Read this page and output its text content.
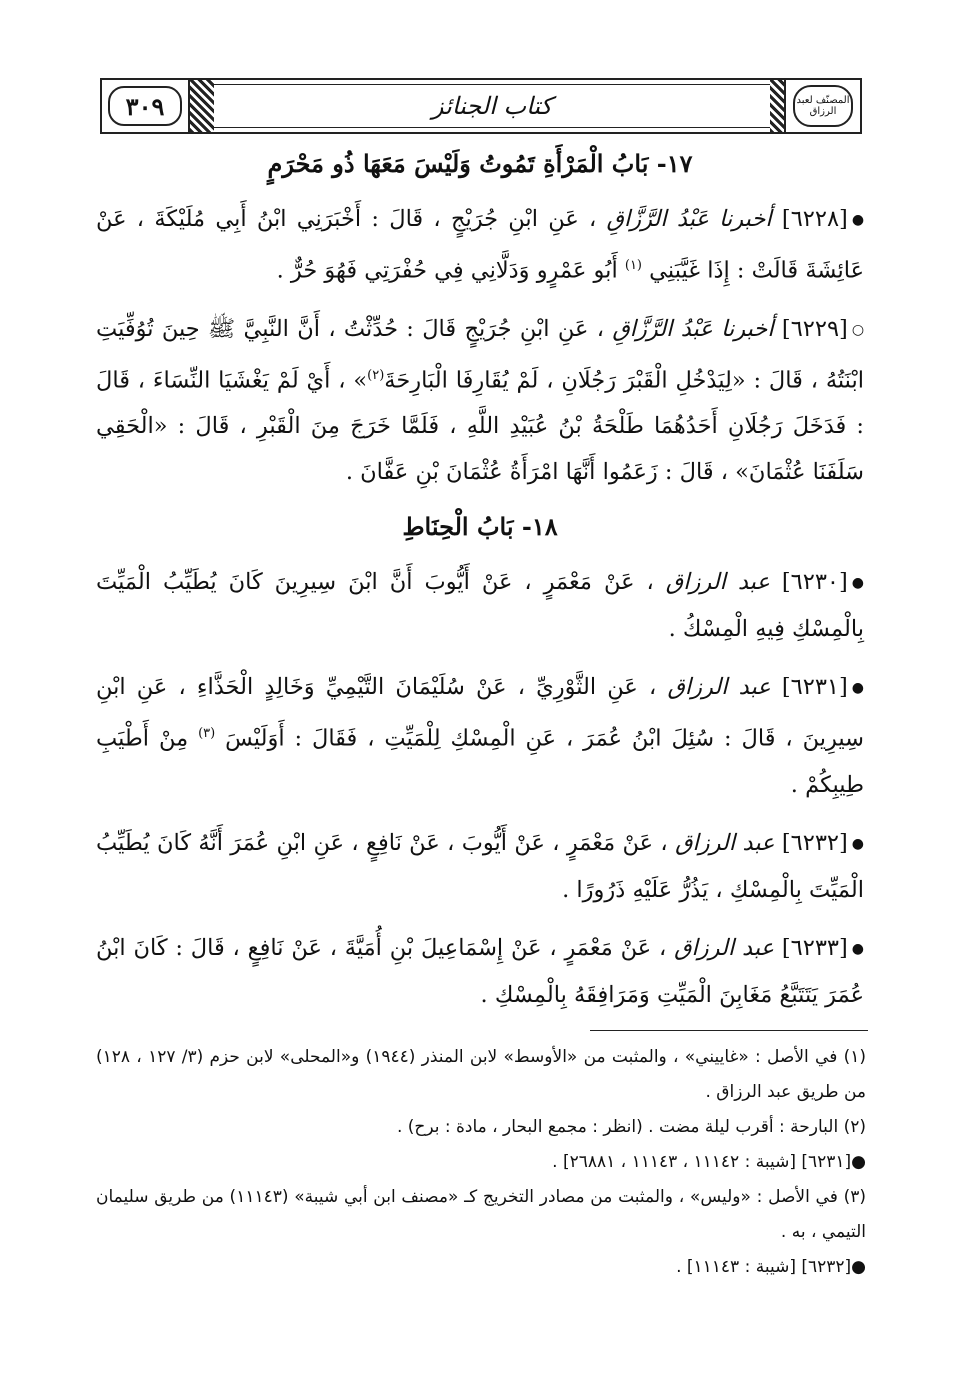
٣٠٩	كتاب الجنائز	المصنّف لعبد الرزاق
١٧- بَابُ الْمَرْأَةِ تَمُوتُ وَلَيْسَ مَعَهَا ذُو مَحْرَمٍ

●[٦٢٢٨] أخبرنا عَبْدُ الرَّزَّاقِ ، عَنِ ابْنِ جُرَيْجٍ ، قَالَ : أَخْبَرَنِي ابْنُ أَبِي مُلَيْكَةَ ، عَنْ عَائِشَةَ قَالَتْ : إِذَا غَيَّبَنِي $^{(١)}$ أَبُو عَمْرٍو وَدَلَّانِي فِي حُفْرَتِي فَهُوَ حُرٌّ .

○[٦٢٢٩] أخبرنا عَبْدُ الرَّزَّاقِ ، عَنِ ابْنِ جُرَيْجٍ قَالَ : حُدِّثْتُ ، أَنَّ النَّبِيَّ ﷺ حِينَ تُوُفِّيَتِ ابْنَتُهُ ، قَالَ : «لِيَدْخُلِ الْقَبْرَ رَجُلَانِ ، لَمْ يُقَارِفَا الْبَارِحَةَ$^{(٢)}$» ، أَيْ لَمْ يَغْشَيَا النِّسَاءَ ، قَالَ : فَدَخَلَ رَجُلَانِ أَحَدُهُمَا طَلْحَةُ بْنُ عُبَيْدِ اللَّهِ ، فَلَمَّا خَرَجَ مِنَ الْقَبْرِ ، قَالَ : «الْحَقِي سَلَفَنَا عُثْمَانَ» ، قَالَ : زَعَمُوا أَنَّهَا امْرَأَةُ عُثْمَانَ بْنِ عَفَّانَ .

١٨- بَابُ الْحِنَاطِ

●[٦٢٣٠] عبد الرزاق ، عَنْ مَعْمَرٍ ، عَنْ أَيُّوبَ أَنَّ ابْنَ سِيرِينَ كَانَ يُطَيِّبُ الْمَيِّتَ بِالْمِسْكِ فِيهِ الْمِسْكُ .

●[٦٢٣١] عبد الرزاق ، عَنِ الثَّوْرِيِّ ، عَنْ سُلَيْمَانَ التَّيْمِيِّ وَخَالِدٍ الْحَذَّاءِ ، عَنِ ابْنِ سِيرِينَ ، قَالَ : سُئِلَ ابْنُ عُمَرَ ، عَنِ الْمِسْكِ لِلْمَيِّتِ ، فَقَالَ : أَوَلَيْسَ $^{(٣)}$ مِنْ أَطْيَبِ طِيبِكُمْ .

●[٦٢٣٢] عبد الرزاق ، عَنْ مَعْمَرٍ ، عَنْ أَيُّوبَ ، عَنْ نَافِعٍ ، عَنِ ابْنِ عُمَرَ أَنَّهُ كَانَ يُطَيِّبُ الْمَيِّتَ بِالْمِسْكِ ، يَذُرُّ عَلَيْهِ ذَرُورًا .

●[٦٢٣٣] عبد الرزاق ، عَنْ مَعْمَرٍ ، عَنْ إِسْمَاعِيلَ بْنِ أُمَيَّةَ ، عَنْ نَافِعٍ ، قَالَ : كَانَ ابْنُ عُمَرَ يَتَتَبَّعُ مَغَابِنَ الْمَيِّتِ وَمَرَافِقَهُ بِالْمِسْكِ .

(١) في الأصل : «غاييني» ، والمثبت من «الأوسط» لابن المنذر (١٩٤٤) و«المحلى» لابن حزم (٣/ ١٢٧ ، ١٢٨) من طريق عبد الرزاق .

(٢) البارحة : أقرب ليلة مضت . (انظر : مجمع البحار ، مادة : برح) .

●[٦٢٣١] [شيبة : ١١١٤٢ ، ١١١٤٣ ، ٢٦٨٨١] .

(٣) في الأصل : «وليس» ، والمثبت من مصادر التخريج كـ «مصنف ابن أبي شيبة» (١١١٤٣) من طريق سليمان التيمي ، به .

●[٦٢٣٢] [شيبة : ١١١٤٣] .
